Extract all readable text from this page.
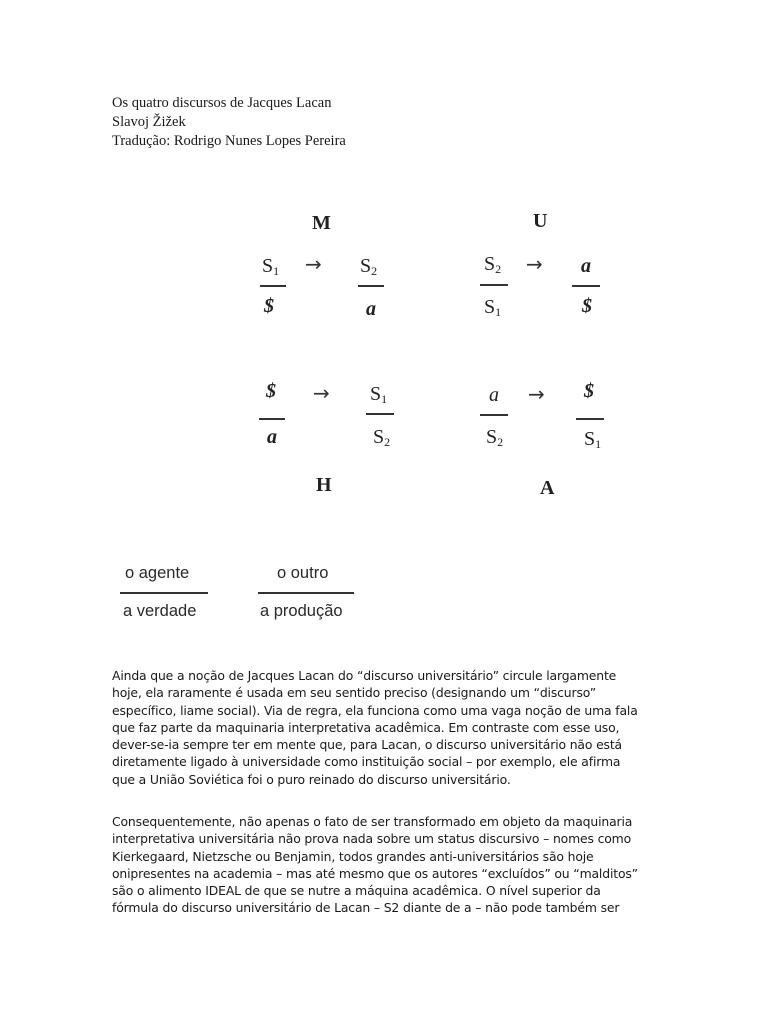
Os quatro discursos de Jacques Lacan
Slavoj Žižek
Tradução: Rodrigo Nunes Lopes Pereira
M
$S_1$
$
→ $S_2$
a
U
$S_2$
$S_1$
→ a
$
$
a
→ $S_1$
$S_2$
H
a
$S_2$
→ $
$S_1$
A
o agente
a verdade
o outro
a produção
Ainda que a noção de Jacques Lacan do “discurso universitário” circule largamente
hoje, ela raramente é usada em seu sentido preciso (designando um “discurso”
específico, liame social). Via de regra, ela funciona como uma vaga noção de uma fala
que faz parte da maquinaria interpretativa acadêmica. Em contraste com esse uso,
dever-se-ia sempre ter em mente que, para Lacan, o discurso universitário não está
diretamente ligado à universidade como instituição social – por exemplo, ele afirma
que a União Soviética foi o puro reinado do discurso universitário.
Consequentemente, não apenas o fato de ser transformado em objeto da maquinaria
interpretativa universitária não prova nada sobre um status discursivo – nomes como
Kierkegaard, Nietzsche ou Benjamin, todos grandes anti-universitários são hoje
onipresentes na academia – mas até mesmo que os autores “excluídos” ou “malditos”
são o alimento IDEAL de que se nutre a máquina acadêmica. O nível superior da
fórmula do discurso universitário de Lacan – S2 diante de a – não pode também ser
